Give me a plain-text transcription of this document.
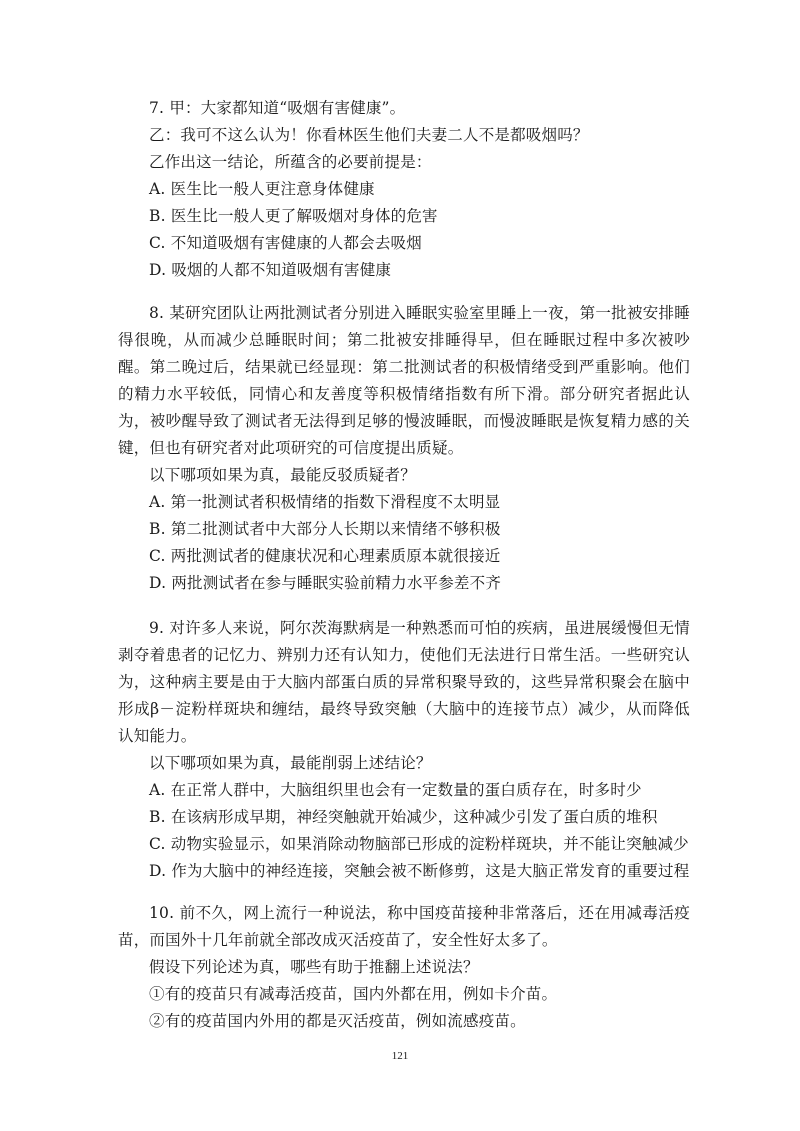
7. 甲：大家都知道“吸烟有害健康”。
乙：我可不这么认为！你看林医生他们夫妻二人不是都吸烟吗？
乙作出这一结论，所蕴含的必要前提是：
A. 医生比一般人更注意身体健康
B. 医生比一般人更了解吸烟对身体的危害
C. 不知道吸烟有害健康的人都会去吸烟
D. 吸烟的人都不知道吸烟有害健康
8. 某研究团队让两批测试者分别进入睡眠实验室里睡上一夜，第一批被安排睡得很晚，从而减少总睡眠时间；第二批被安排睡得早，但在睡眠过程中多次被吵醒。第二晚过后，结果就已经显现：第二批测试者的积极情绪受到严重影响。他们的精力水平较低，同情心和友善度等积极情绪指数有所下滑。部分研究者据此认为，被吵醒导致了测试者无法得到足够的慢波睡眠，而慢波睡眠是恢复精力感的关键，但也有研究者对此项研究的可信度提出质疑。
以下哪项如果为真，最能反驳质疑者？
A. 第一批测试者积极情绪的指数下滑程度不太明显
B. 第二批测试者中大部分人长期以来情绪不够积极
C. 两批测试者的健康状况和心理素质原本就很接近
D. 两批测试者在参与睡眠实验前精力水平参差不齐
9. 对许多人来说，阿尔茨海默病是一种熟悉而可怕的疾病，虽进展缓慢但无情剥夺着患者的记忆力、辨别力还有认知力，使他们无法进行日常生活。一些研究认为，这种病主要是由于大脑内部蛋白质的异常积聚导致的，这些异常积聚会在脑中形成β－淀粉样斑块和缠结，最终导致突触（大脑中的连接节点）减少，从而降低认知能力。
以下哪项如果为真，最能削弱上述结论？
A. 在正常人群中，大脑组织里也会有一定数量的蛋白质存在，时多时少
B. 在该病形成早期，神经突触就开始减少，这种减少引发了蛋白质的堆积
C. 动物实验显示，如果消除动物脑部已形成的淀粉样斑块，并不能让突触减少
D. 作为大脑中的神经连接，突触会被不断修剪，这是大脑正常发育的重要过程
10. 前不久，网上流行一种说法，称中国疫苗接种非常落后，还在用减毒活疫苗，而国外十几年前就全部改成灭活疫苗了，安全性好太多了。
假设下列论述为真，哪些有助于推翻上述说法？
①有的疫苗只有减毒活疫苗，国内外都在用，例如卡介苗。
②有的疫苗国内外用的都是灭活疫苗，例如流感疫苗。
121
